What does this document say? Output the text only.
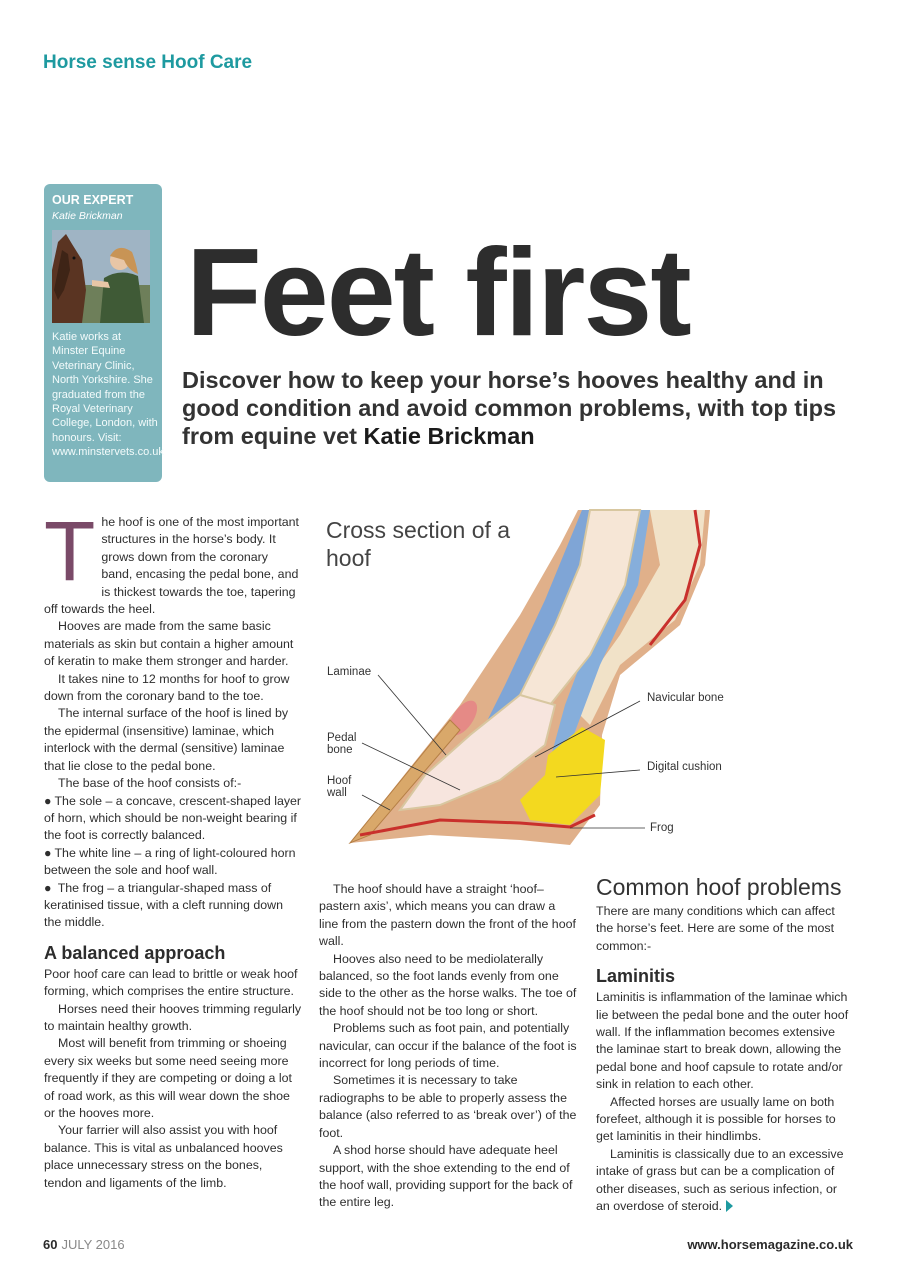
Horse sense Hoof Care
OUR EXPERT
Katie Brickman
Katie works at Minster Equine Veterinary Clinic, North Yorkshire. She graduated from the Royal Veterinary College, London, with honours. Visit: www.minstervets.co.uk
Feet first
Discover how to keep your horse’s hooves healthy and in good condition and avoid common problems, with top tips from equine vet Katie Brickman

The hoof is one of the most important structures in the horse’s body. It grows down from the coronary band, encasing the pedal bone, and is thickest towards the toe, tapering off towards the heel.

Hooves are made from the same basic materials as skin but contain a higher amount of keratin to make them stronger and harder.

It takes nine to 12 months for hoof to grow down from the coronary band to the toe.

The internal surface of the hoof is lined by the epidermal (insensitive) laminae, which interlock with the dermal (sensitive) laminae that lie close to the pedal bone.

The base of the hoof consists of:-

● The sole – a concave, crescent-shaped layer of horn, which should be non-weight bearing if the foot is correctly balanced.

● The white line – a ring of light-coloured horn between the sole and hoof wall.

● The frog – a triangular-shaped mass of keratinised tissue, with a cleft running down the middle.

A balanced approach

Poor hoof care can lead to brittle or weak hoof forming, which comprises the entire structure.

Horses need their hooves trimming regularly to maintain healthy growth.

Most will benefit from trimming or shoeing every six weeks but some need seeing more frequently if they are competing or doing a lot of road work, as this will wear down the shoe or the hooves more.

Your farrier will also assist you with hoof balance. This is vital as unbalanced hooves place unnecessary stress on the bones, tendon and ligaments of the limb.

Cross section of a hoof
Laminae
Pedal bone
Hoof wall
Navicular bone
Digital cushion
Frog

The hoof should have a straight ‘hoof–pastern axis’, which means you can draw a line from the pastern down the front of the hoof wall.

Hooves also need to be mediolaterally balanced, so the foot lands evenly from one side to the other as the horse walks. The toe of the hoof should not be too long or short.

Problems such as foot pain, and potentially navicular, can occur if the balance of the foot is incorrect for long periods of time.

Sometimes it is necessary to take radiographs to be able to properly assess the balance (also referred to as ‘break over’) of the foot.

A shod horse should have adequate heel support, with the shoe extending to the end of the hoof wall, providing support for the back of the entire leg.

Common hoof problems

There are many conditions which can affect the horse’s feet. Here are some of the most common:-

Laminitis

Laminitis is inflammation of the laminae which lie between the pedal bone and the outer hoof wall. If the inflammation becomes extensive the laminae start to break down, allowing the pedal bone and hoof capsule to rotate and/or sink in relation to each other.

Affected horses are usually lame on both forefeet, although it is possible for horses to get laminitis in their hindlimbs.

Laminitis is classically due to an excessive intake of grass but can be a complication of other diseases, such as serious infection, or an overdose of steroid.

60 JULY 2016	www.horsemagazine.co.uk
